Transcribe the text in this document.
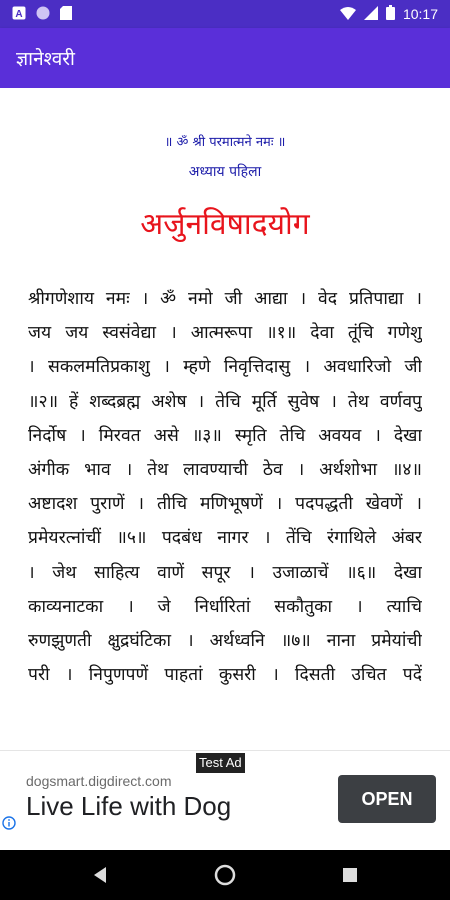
A	10:17
ज्ञानेश्वरी
॥ ॐ श्री परमात्मने नमः ॥
अध्याय पहिला
अर्जुनविषादयोग
श्रीगणेशाय नमः । ॐ नमो जी आद्या । वेद प्रतिपाद्या ।
जय जय स्वसंवेद्या । आत्मरूपा ॥१॥ देवा तूंचि गणेशु
। सकलमतिप्रकाशु । म्हणे निवृत्तिदासु । अवधारिजो जी
॥२॥ हें शब्दब्रह्म अशेष । तेचि मूर्ति सुवेष । तेथ वर्णवपु
निर्दोष । मिरवत असे ॥३॥ स्मृति तेचि अवयव । देखा
अंगीक भाव । तेथ लावण्याची ठेव । अर्थशोभा ॥४॥
अष्टादश पुराणें । तीचि मणिभूषणें । पदपद्धती खेवणें ।
प्रमेयरत्नांचीं ॥५॥ पदबंध नागर । तेंचि रंगाथिले अंबर
। जेथ साहित्य वाणें सपूर । उजाळाचें ॥६॥ देखा
काव्यनाटका । जे निर्धारितां सकौतुका । त्याचि
रुणझुणती क्षुद्रघंटिका । अर्थध्वनि ॥७॥ नाना प्रमेयांची
परी । निपुणपणें पाहतां कुसरी । दिसती उचित पदें
Test Ad
dogsmart.digdirect.com
Live Life with Dog	OPEN
